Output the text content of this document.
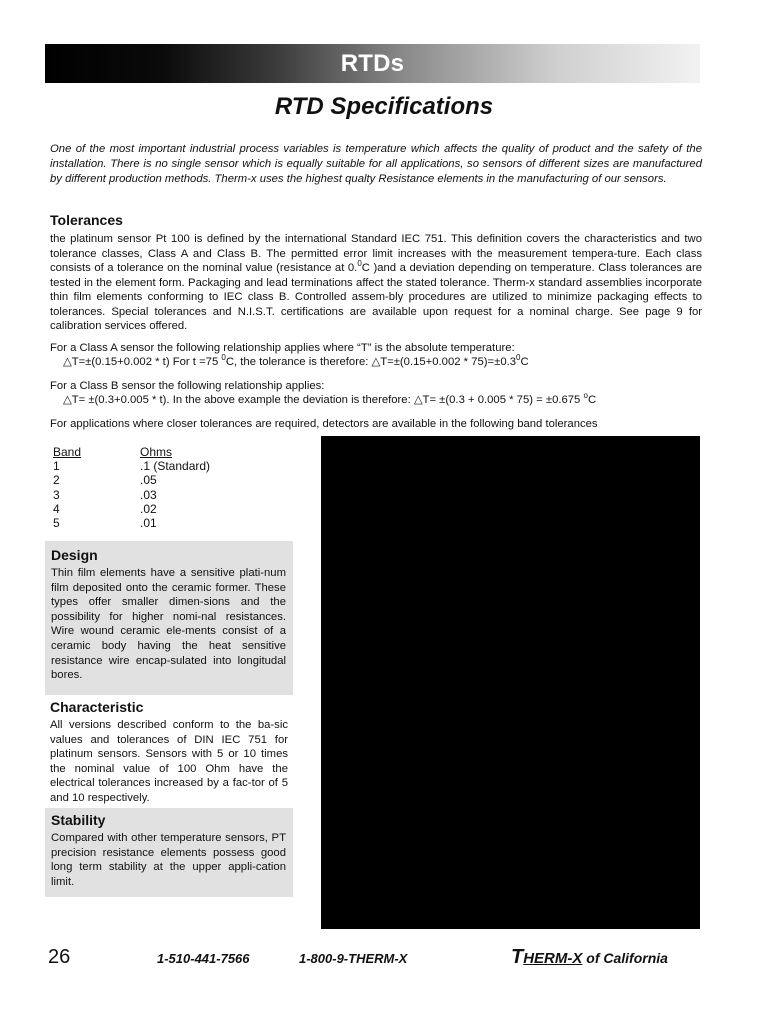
RTDs
RTD Specifications
One of the most important industrial process variables is temperature which affects the quality of product and the safety of the installation. There is no single sensor which is equally suitable for all applications, so sensors of different sizes are manufactured by different production methods. Therm-x uses the highest qualty Resistance elements in the manufacturing of our sensors.
Tolerances
the platinum sensor Pt 100 is defined by the international Standard IEC 751. This definition covers the characteristics and two tolerance classes, Class A and Class B. The permitted error limit increases with the measurement tempera-ture. Each class consists of a tolerance on the nominal value (resistance at 0.$^0$C )and a deviation depending on temperature. Class tolerances are tested in the element form. Packaging and lead terminations affect the stated tolerance. Therm-x standard assemblies incorporate thin film elements conforming to IEC class B. Controlled assem-bly procedures are utilized to minimize packaging effects to tolerances. Special tolerances and N.I.S.T. certifications are available upon request for a nominal charge. See page 9 for calibration services offered.
For a Class A sensor the following relationship applies where “T” is the absolute temperature:
△T=±(0.15+0.002 * t) For t =75 $^0$C, the tolerance is therefore: △T=±(0.15+0.002 * $75)=\pm 0.3^0C$
For a Class B sensor the following relationship applies:
△T= ±(0.3+0.005 * t). In the above example the deviation is therefore: △T= ±(0.3 + 0.005 * 75) = ±0.675 $^o$C
For applications where closer tolerances are required, detectors are available in the following band tolerances
Band	Ohms
1	.1 (Standard)
2	.05
3	.03
4	.02
5	.01
Design
Thin film elements have a sensitive plati-num film deposited onto the ceramic former. These types offer smaller dimen-sions and the possibility for higher nomi-nal resistances. Wire wound ceramic ele-ments consist of a ceramic body having the heat sensitive resistance wire encap-sulated into longitudal bores.
Characteristic
All versions described conform to the ba-sic values and tolerances of DIN IEC 751 for platinum sensors. Sensors with 5 or 10 times the nominal value of 100 Ohm have the electrical tolerances increased by a fac-tor of 5 and 10 respectively.
Stability
Compared with other temperature sensors, PT precision resistance elements possess good long term stability at the upper appli-cation limit.
26	1-510-441-7566	1-800-9-THERM-X	THERM-X of California
